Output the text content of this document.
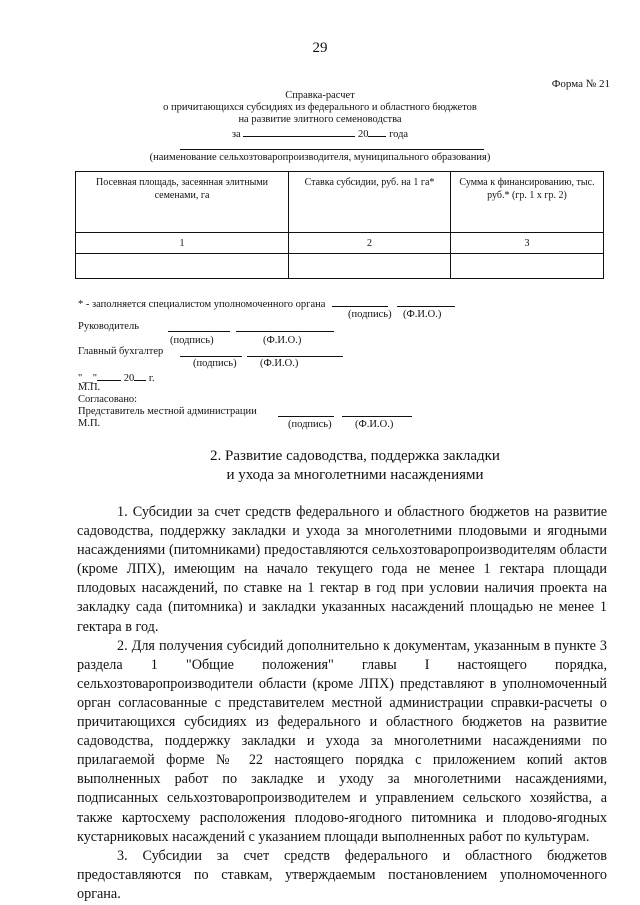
29
Форма № 21
Справка-расчет
о причитающихся субсидиях из федерального и областного бюджетов
на развитие элитного семеноводства
за	20 года
(наименование сельхозтоваропроизводителя, муниципального образования)
Посевная площадь, засеянная элитными семенами, га	Ставка субсидии, руб. на 1 га*	Сумма к финансированию, тыс. руб.* (гр. 1 x гр. 2)
1	2	3

* - заполняется специалистом уполномоченного органа
(подпись) (Ф.И.О.)
Руководитель
(подпись)	(Ф.И.О.)
Главный бухгалтер
(подпись) (Ф.И.О.)
"__"	20 г.
М.П.
Согласовано:
Представитель местной администрации
М.П.	(подпись) (Ф.И.О.)
2. Развитие садоводства, поддержка закладки
и ухода за многолетними насаждениями

1. Субсидии за счет средств федерального и областного бюджетов на развитие садоводства, поддержку закладки и ухода за многолетними плодовыми и ягодными насаждениями (питомниками) предоставляются сельхозтоваропроизводителям области (кроме ЛПХ), имеющим на начало текущего года не менее 1 гектара площади плодовых насаждений, по ставке на 1 гектар в год при условии наличия проекта на закладку сада (питомника) и закладки указанных насаждений площадью не менее 1 гектара в год.

2. Для получения субсидий дополнительно к документам, указанным в пункте 3 раздела 1 "Общие положения" главы I настоящего порядка, сельхозтоваропроизводители области (кроме ЛПХ) представляют в уполномоченный орган согласованные с представителем местной администрации справки-расчеты о причитающихся субсидиях из федерального и областного бюджетов на развитие садоводства, поддержку закладки и ухода за многолетними насаждениями по прилагаемой форме № 22 настоящего порядка с приложением копий актов выполненных работ по закладке и уходу за многолетними насаждениями, подписанных сельхозтоваропроизводителем и управлением сельского хозяйства, а также картосхему расположения плодово-ягодного питомника и плодово-ягодных кустарниковых насаждений с указанием площади выполненных работ по культурам.

3. Субсидии за счет средств федерального и областного бюджетов предоставляются по ставкам, утверждаемым постановлением уполномоченного органа.
